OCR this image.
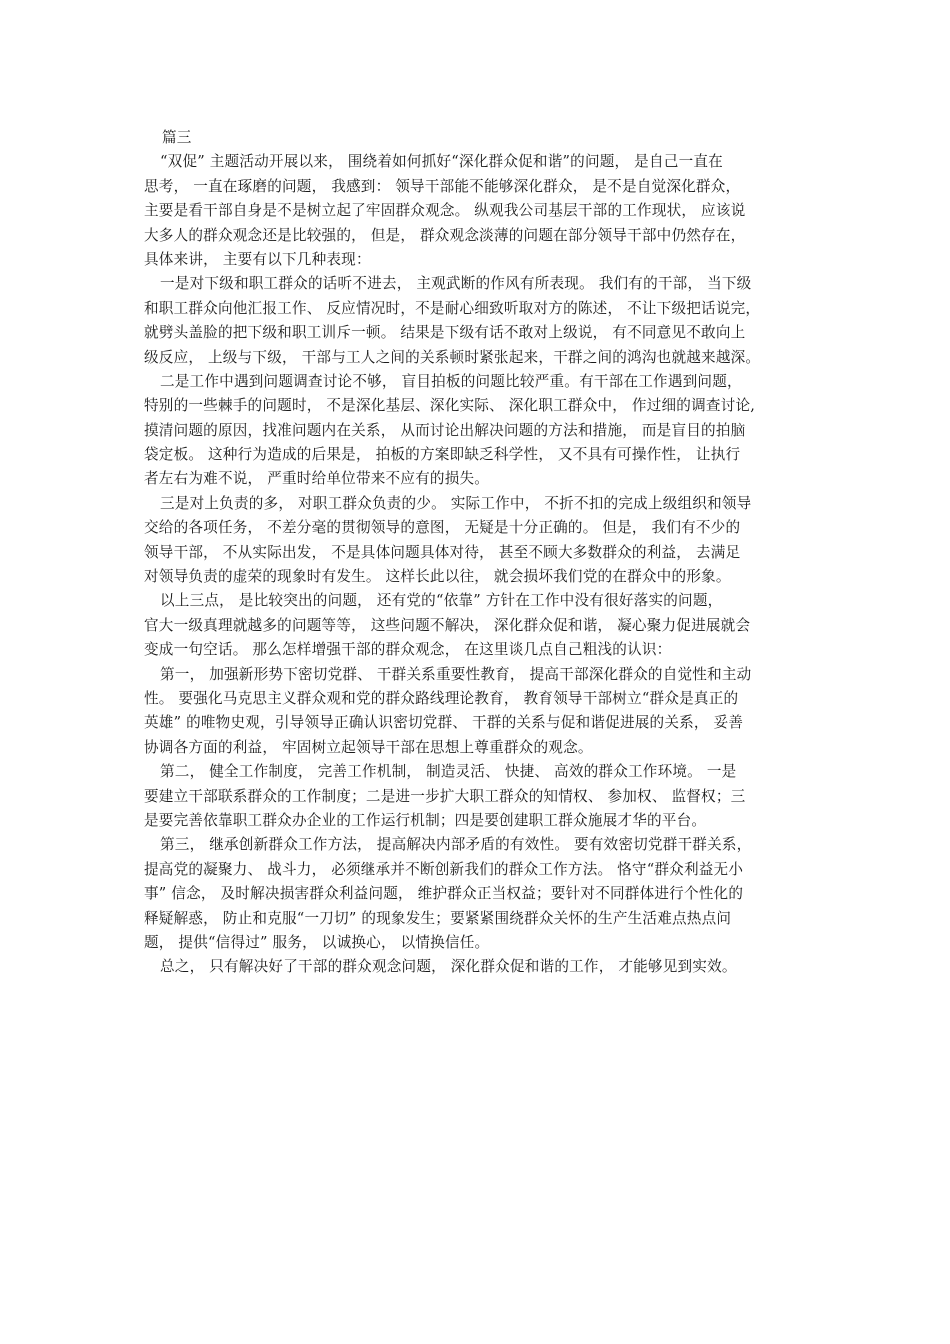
篇三
“双促” 主题活动开展以来， 围绕着如何抓好“深化群众促和谐”的问题， 是自己一直在
思考， 一直在琢磨的问题， 我感到： 领导干部能不能够深化群众， 是不是自觉深化群众，
主要是看干部自身是不是树立起了牢固群众观念。 纵观我公司基层干部的工作现状， 应该说
大多人的群众观念还是比较强的， 但是， 群众观念淡薄的问题在部分领导干部中仍然存在，
具体来讲， 主要有以下几种表现：
一是对下级和职工群众的话听不进去， 主观武断的作风有所表现。 我们有的干部， 当下级
和职工群众向他汇报工作、 反应情况时，不是耐心细致听取对方的陈述， 不让下级把话说完，
就劈头盖脸的把下级和职工训斥一顿。 结果是下级有话不敢对上级说， 有不同意见不敢向上
级反应， 上级与下级， 干部与工人之间的关系顿时紧张起来，干群之间的鸿沟也就越来越深。
二是工作中遇到问题调查讨论不够， 盲目拍板的问题比较严重。有干部在工作遇到问题，
特别的一些棘手的问题时， 不是深化基层、深化实际、 深化职工群众中， 作过细的调查讨论,
摸清问题的原因，找准问题内在关系， 从而讨论出解决问题的方法和措施， 而是盲目的拍脑
袋定板。 这种行为造成的后果是， 拍板的方案即缺乏科学性， 又不具有可操作性， 让执行
者左右为难不说， 严重时给单位带来不应有的损失。
三是对上负责的多， 对职工群众负责的少。 实际工作中， 不折不扣的完成上级组织和领导
交给的各项任务， 不差分毫的贯彻领导的意图， 无疑是十分正确的。 但是， 我们有不少的
领导干部， 不从实际出发， 不是具体问题具体对待， 甚至不顾大多数群众的利益， 去满足
对领导负责的虚荣的现象时有发生。 这样长此以往， 就会损坏我们党的在群众中的形象。
以上三点， 是比较突出的问题， 还有党的“依靠” 方针在工作中没有很好落实的问题，
官大一级真理就越多的问题等等， 这些问题不解决， 深化群众促和谐， 凝心聚力促进展就会
变成一句空话。 那么怎样增强干部的群众观念， 在这里谈几点自己粗浅的认识：
第一， 加强新形势下密切党群、 干群关系重要性教育， 提高干部深化群众的自觉性和主动
性。 要强化马克思主义群众观和党的群众路线理论教育， 教育领导干部树立“群众是真正的
英雄” 的唯物史观，引导领导正确认识密切党群、 干群的关系与促和谐促进展的关系， 妥善
协调各方面的利益， 牢固树立起领导干部在思想上尊重群众的观念。
第二， 健全工作制度， 完善工作机制， 制造灵活、 快捷、 高效的群众工作环境。 一是
要建立干部联系群众的工作制度；二是进一步扩大职工群众的知情权、 参加权、 监督权；三
是要完善依靠职工群众办企业的工作运行机制；四是要创建职工群众施展才华的平台。
第三， 继承创新群众工作方法， 提高解决内部矛盾的有效性。 要有效密切党群干群关系，
提高党的凝聚力、 战斗力， 必须继承并不断创新我们的群众工作方法。 恪守“群众利益无小
事” 信念， 及时解决损害群众利益问题， 维护群众正当权益；要针对不同群体进行个性化的
释疑解惑， 防止和克服“一刀切” 的现象发生；要紧紧围绕群众关怀的生产生活难点热点问
题， 提供“信得过” 服务， 以诚换心， 以情换信任。
总之， 只有解决好了干部的群众观念问题， 深化群众促和谐的工作， 才能够见到实效。
